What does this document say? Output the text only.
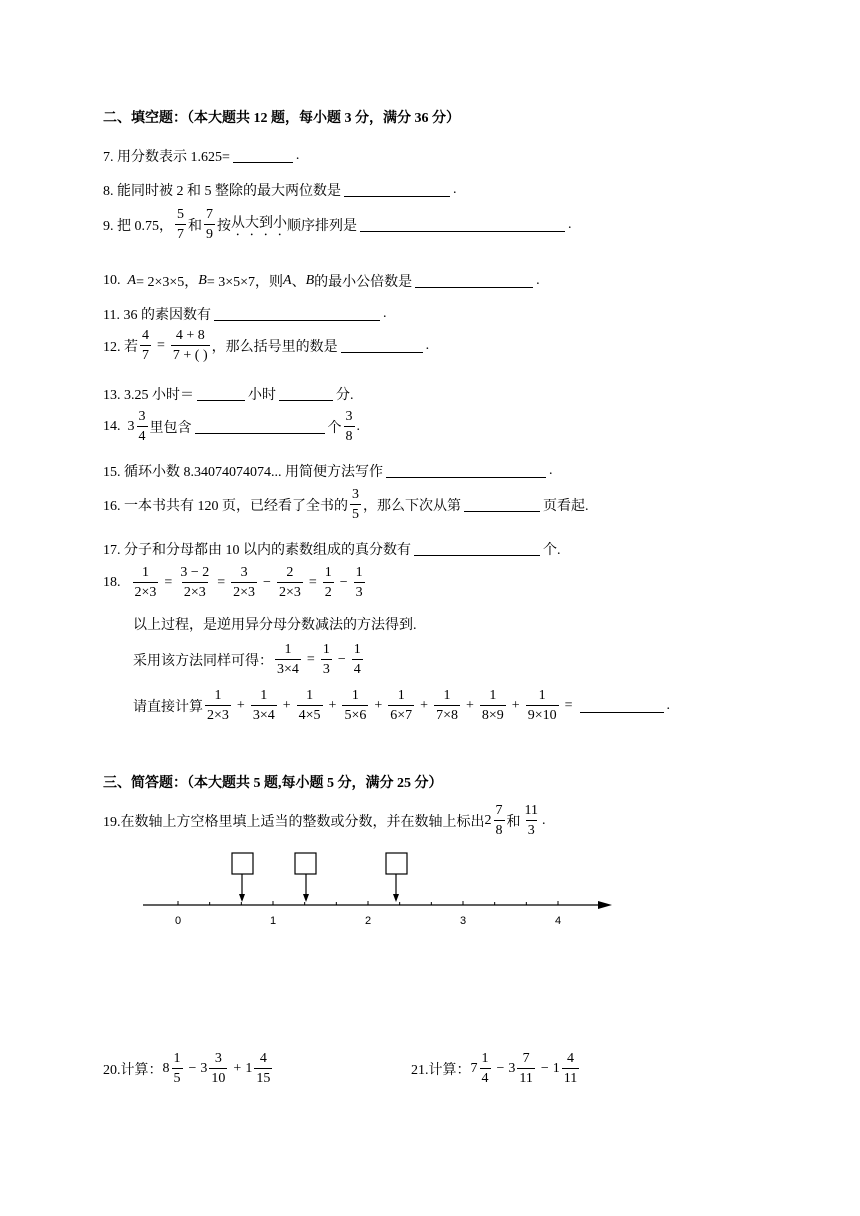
二、填空题：（本大题共 12 题，每小题 3 分，满分 36 分）
7. 用分数表示 1.625=	.
8. 能同时被 2 和 5 整除的最大两位数是	.
9. 把 0.75， $\frac{5}{7}$ 和 $\frac{7}{9}$ 按 从大到小 顺序排列是	.
10.
A = 2×3×5， B = 3×5×7，则 A 、 B 的最小公倍数是	.
11. 36 的素因数有	.
12. 若 $\frac{4}{7} = \frac{4 + 8}{7 + ( )}$ ，那么括号里的数是	.
13. 3.25 小时＝	小时	分.
14.
$3 \frac{3}{4}$ 里包含	个 $\frac{3}{8}$ .
15. 循环小数 8.34074074074... 用简便方法写作	.
16. 一本书共有 120 页，已经看了全书的 $\frac{3}{5}$ ，那么下次从第	页看起.
17. 分子和分母都由 10 以内的素数组成的真分数有	个.
18. $\frac{1}{2\times 3} = \frac{3 - 2}{2\times 3} = \frac{3}{2\times 3} - \frac{2}{2\times 3} = \frac{1}{2} - \frac{1}{3}$
以上过程，是逆用异分母分数减法的方法得到.
采用该方法同样可得： $\frac{1}{3\times 4} = \frac{1}{3} - \frac{1}{4}$
请直接计算 $\frac{1}{2\times 3} + \frac{1}{3\times 4} + \frac{1}{4\times 5} + \frac{1}{5\times 6} + \frac{1}{6\times 7} + \frac{1}{7\times 8} + \frac{1}{8\times 9} + \frac{1}{9\times 10}$ =	.
三、简答题：（本大题共 5 题,每小题 5 分，满分 25 分）
19.在数轴上方空格里填上适当的整数或分数，并在数轴上标出 $2 \frac{7}{8}$ 和 $\frac{11}{3}$ .
0	1	2	3	4
20.计算： $8 \frac{1}{5} - 3 \frac{3}{10} + 1 \frac{4}{15}$	21.计算： $7 \frac{1}{4} - 3 \frac{7}{11} - 1 \frac{4}{11}$
